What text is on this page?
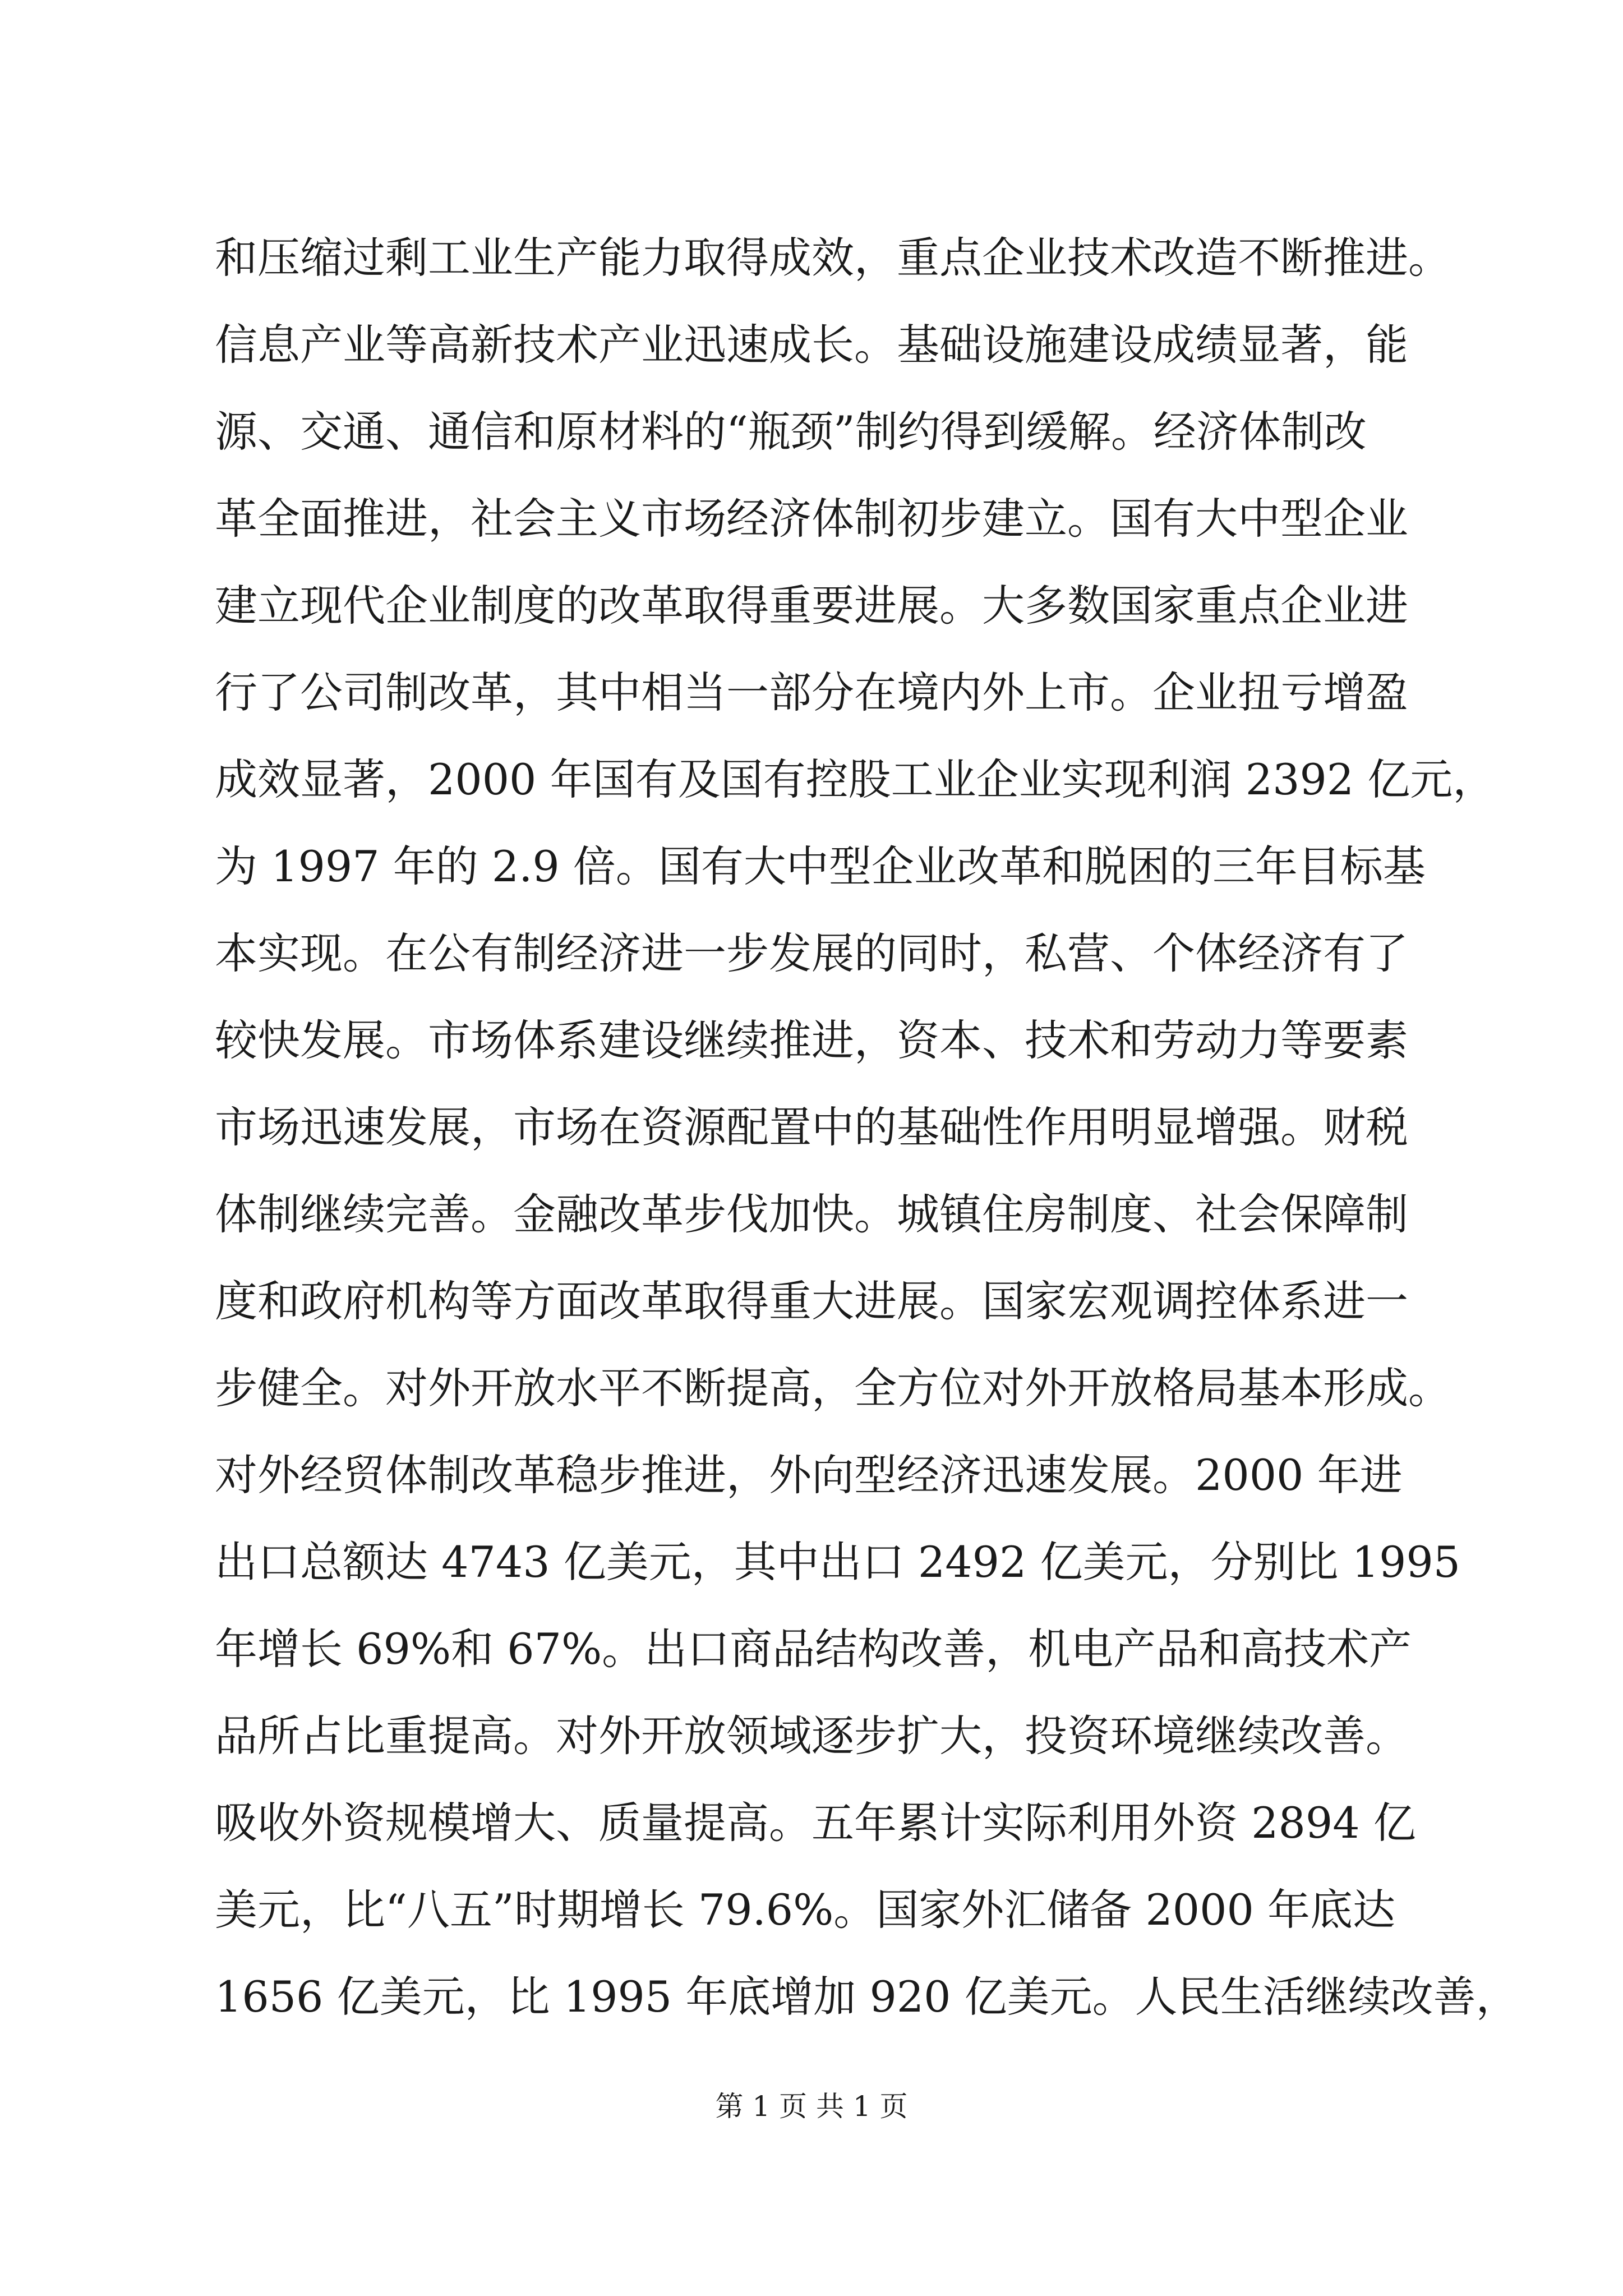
和压缩过剩工业生产能力取得成效，重点企业技术改造不断推进。
信息产业等高新技术产业迅速成长。基础设施建设成绩显著，能
源、交通、通信和原材料的“瓶颈”制约得到缓解。经济体制改
革全面推进，社会主义市场经济体制初步建立。国有大中型企业
建立现代企业制度的改革取得重要进展。大多数国家重点企业进
行了公司制改革，其中相当一部分在境内外上市。企业扭亏增盈
成效显著，2000 年国有及国有控股工业企业实现利润 2392 亿元，
为 1997 年的 2.9 倍。国有大中型企业改革和脱困的三年目标基
本实现。在公有制经济进一步发展的同时，私营、个体经济有了
较快发展。市场体系建设继续推进，资本、技术和劳动力等要素
市场迅速发展，市场在资源配置中的基础性作用明显增强。财税
体制继续完善。金融改革步伐加快。城镇住房制度、社会保障制
度和政府机构等方面改革取得重大进展。国家宏观调控体系进一
步健全。对外开放水平不断提高，全方位对外开放格局基本形成。
对外经贸体制改革稳步推进，外向型经济迅速发展。2000 年进
出口总额达 4743 亿美元，其中出口 2492 亿美元，分别比 1995
年增长 69%和 67%。出口商品结构改善，机电产品和高技术产
品所占比重提高。对外开放领域逐步扩大，投资环境继续改善。
吸收外资规模增大、质量提高。五年累计实际利用外资 2894 亿
美元，比“八五”时期增长 79.6%。国家外汇储备 2000 年底达
1656 亿美元，比 1995 年底增加 920 亿美元。人民生活继续改善，
第 1 页 共 1 页
